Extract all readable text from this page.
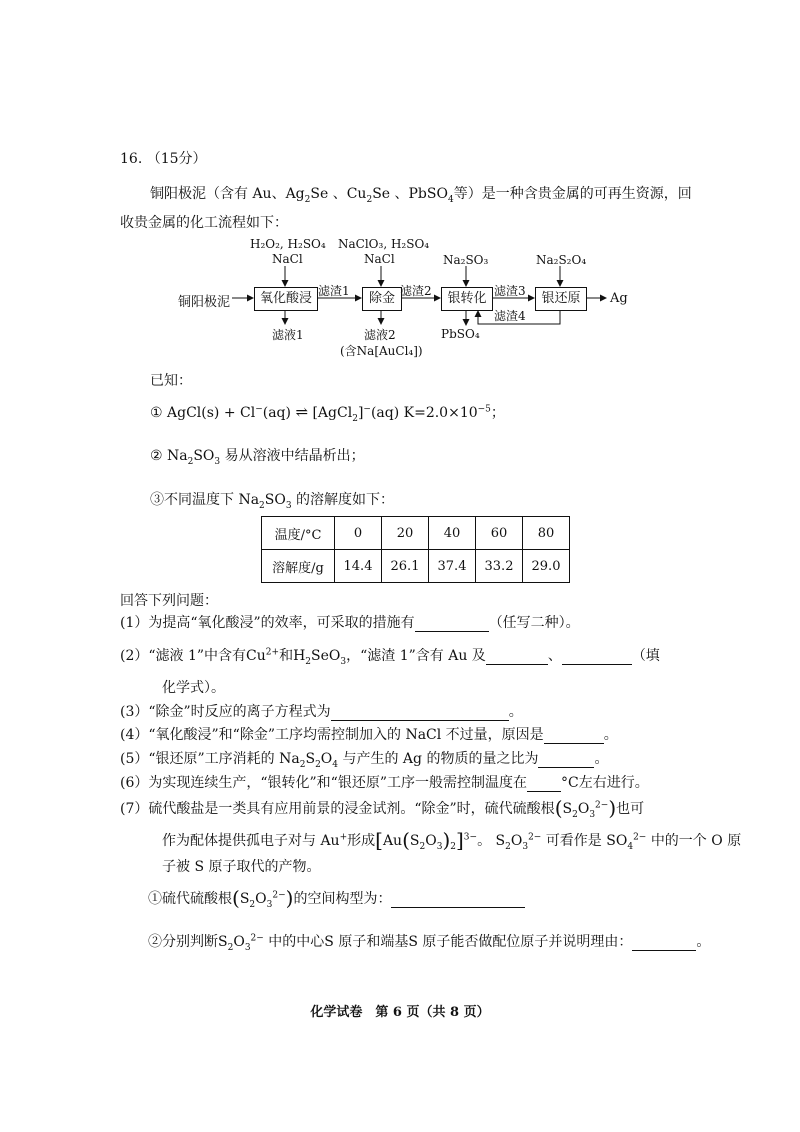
16. （15分）
铜阳极泥（含有 Au、$Ag_2Se$ 、$Cu_2Se$ 、PbSO$_4$等）是一种含贵金属的可再生资源，回
收贵金属的化工流程如下：
铜阳极泥
H₂O₂, H₂SO₄
NaCl
NaClO₃, H₂SO₄
NaCl	Na₂SO₃	Na₂S₂O₄
氧化酸浸	除金	银转化	银还原
滤渣1	滤渣2	滤渣3
滤渣4
滤液1	滤液2
(含Na[AuCl₄])
PbSO₄
Ag
已知：
① AgCl(s) + Cl−(aq) ⇌ [AgCl$_2$]−(aq) $K=2.0\times 10^{-5}$；
② $Na_2SO_3$ 易从溶液中结晶析出；
③不同温度下 $Na_2SO_3$ 的溶解度如下：
温度/°C	0	20	40	60	80
溶解度/g	14.4	26.1	37.4	33.2	29.0
回答下列问题：
(1）为提高“氧化酸浸”的效率，可采取的措施有	（任写二种）。
(2）“滤液 1”中含有$Cu^{2+}$和$H_2SeO_3$，“滤渣 1”含有 Au 及	、	（填
化学式）。
(3）“除金”时反应的离子方程式为	。
(4）“氧化酸浸”和“除金”工序均需控制加入的 NaCl 不过量，原因是	。
(5）“银还原”工序消耗的 $Na_2S_2O_4$ 与产生的 Ag 的物质的量之比为	。
(6）为实现连续生产，“银转化”和“银还原”工序一般需控制温度在 °C左右进行。
(7）硫代酸盐是一类具有应用前景的浸金试剂。“除金”时，硫代硫酸根$(S_2O_3^{2-})$也可
作为配体提供孤电子对与 Au+形成$[Au(S_2O_3)_2]^{3-}$。 $S_2O_3^{2-}$ 可看作是 $SO_4^{2-}$ 中的一个 O 原
子被 S 原子取代的产物。
①硫代硫酸根$(S_2O_3^{2-})$的空间构型为：
②分别判断$S_2O_3^{2-}$ 中的中心S 原子和端基S 原子能否做配位原子并说明理由：	。
化学试卷　第 6 页（共 8 页）
